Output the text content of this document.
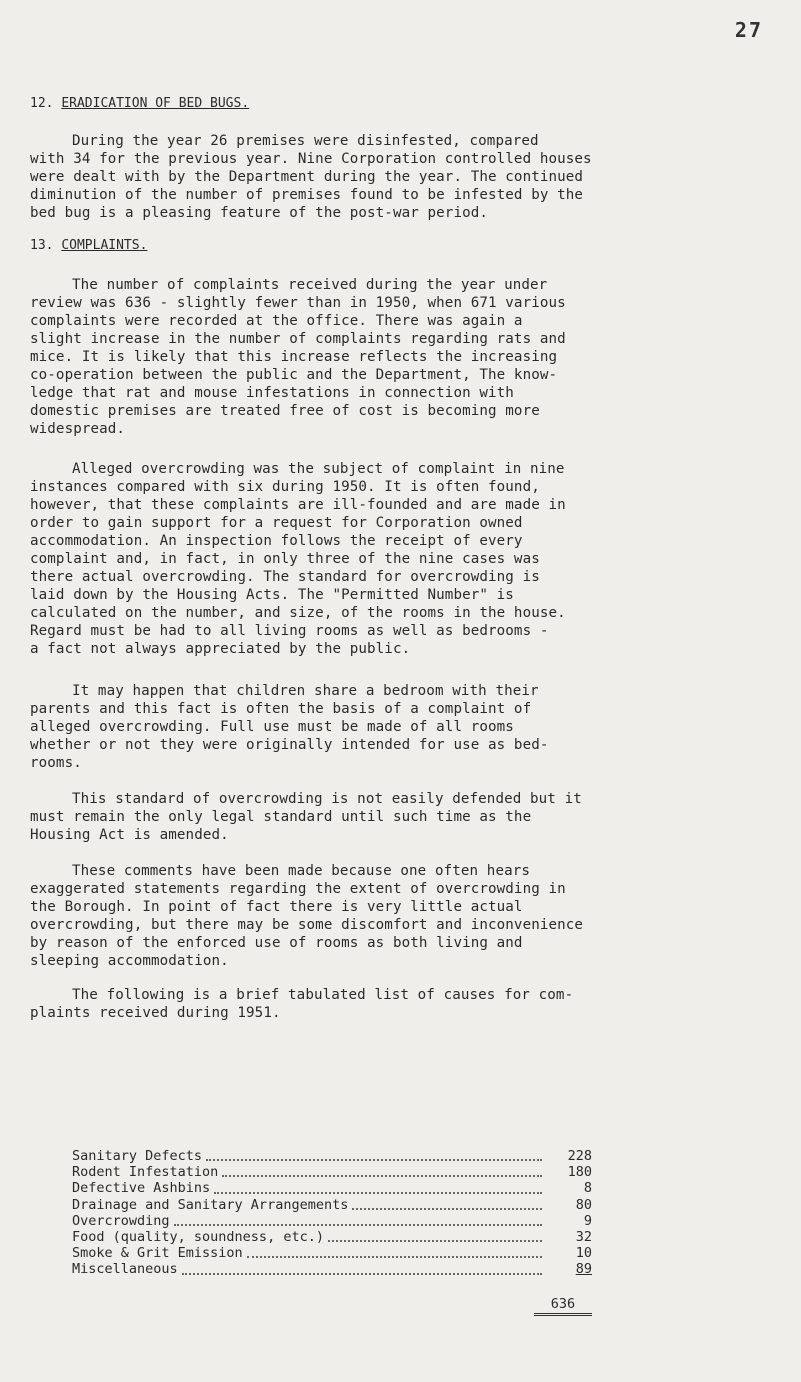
27
12. ERADICATION OF BED BUGS.
During the year 26 premises were disinfested, compared
with 34 for the previous year. Nine Corporation controlled houses
were dealt with by the Department during the year. The continued
diminution of the number of premises found to be infested by the
bed bug is a pleasing feature of the post-war period.
13. COMPLAINTS.
The number of complaints received during the year under
review was 636 - slightly fewer than in 1950, when 671 various
complaints were recorded at the office. There was again a
slight increase in the number of complaints regarding rats and
mice. It is likely that this increase reflects the increasing
co-operation between the public and the Department, The know-
ledge that rat and mouse infestations in connection with
domestic premises are treated free of cost is becoming more
widespread.
Alleged overcrowding was the subject of complaint in nine
instances compared with six during 1950. It is often found,
however, that these complaints are ill-founded and are made in
order to gain support for a request for Corporation owned
accommodation. An inspection follows the receipt of every
complaint and, in fact, in only three of the nine cases was
there actual overcrowding. The standard for overcrowding is
laid down by the Housing Acts. The "Permitted Number" is
calculated on the number, and size, of the rooms in the house.
Regard must be had to all living rooms as well as bedrooms -
a fact not always appreciated by the public.
It may happen that children share a bedroom with their
parents and this fact is often the basis of a complaint of
alleged overcrowding. Full use must be made of all rooms
whether or not they were originally intended for use as bed-
rooms.
This standard of overcrowding is not easily defended but it
must remain the only legal standard until such time as the
Housing Act is amended.
These comments have been made because one often hears
exaggerated statements regarding the extent of overcrowding in
the Borough. In point of fact there is very little actual
overcrowding, but there may be some discomfort and inconvenience
by reason of the enforced use of rooms as both living and
sleeping accommodation.
The following is a brief tabulated list of causes for com-
plaints received during 1951.
Sanitary Defects	228
Rodent Infestation	180
Defective Ashbins	8
Drainage and Sanitary Arrangements	80
Overcrowding	9
Food (quality, soundness, etc.)	32
Smoke & Grit Emission	10
Miscellaneous	89
636
